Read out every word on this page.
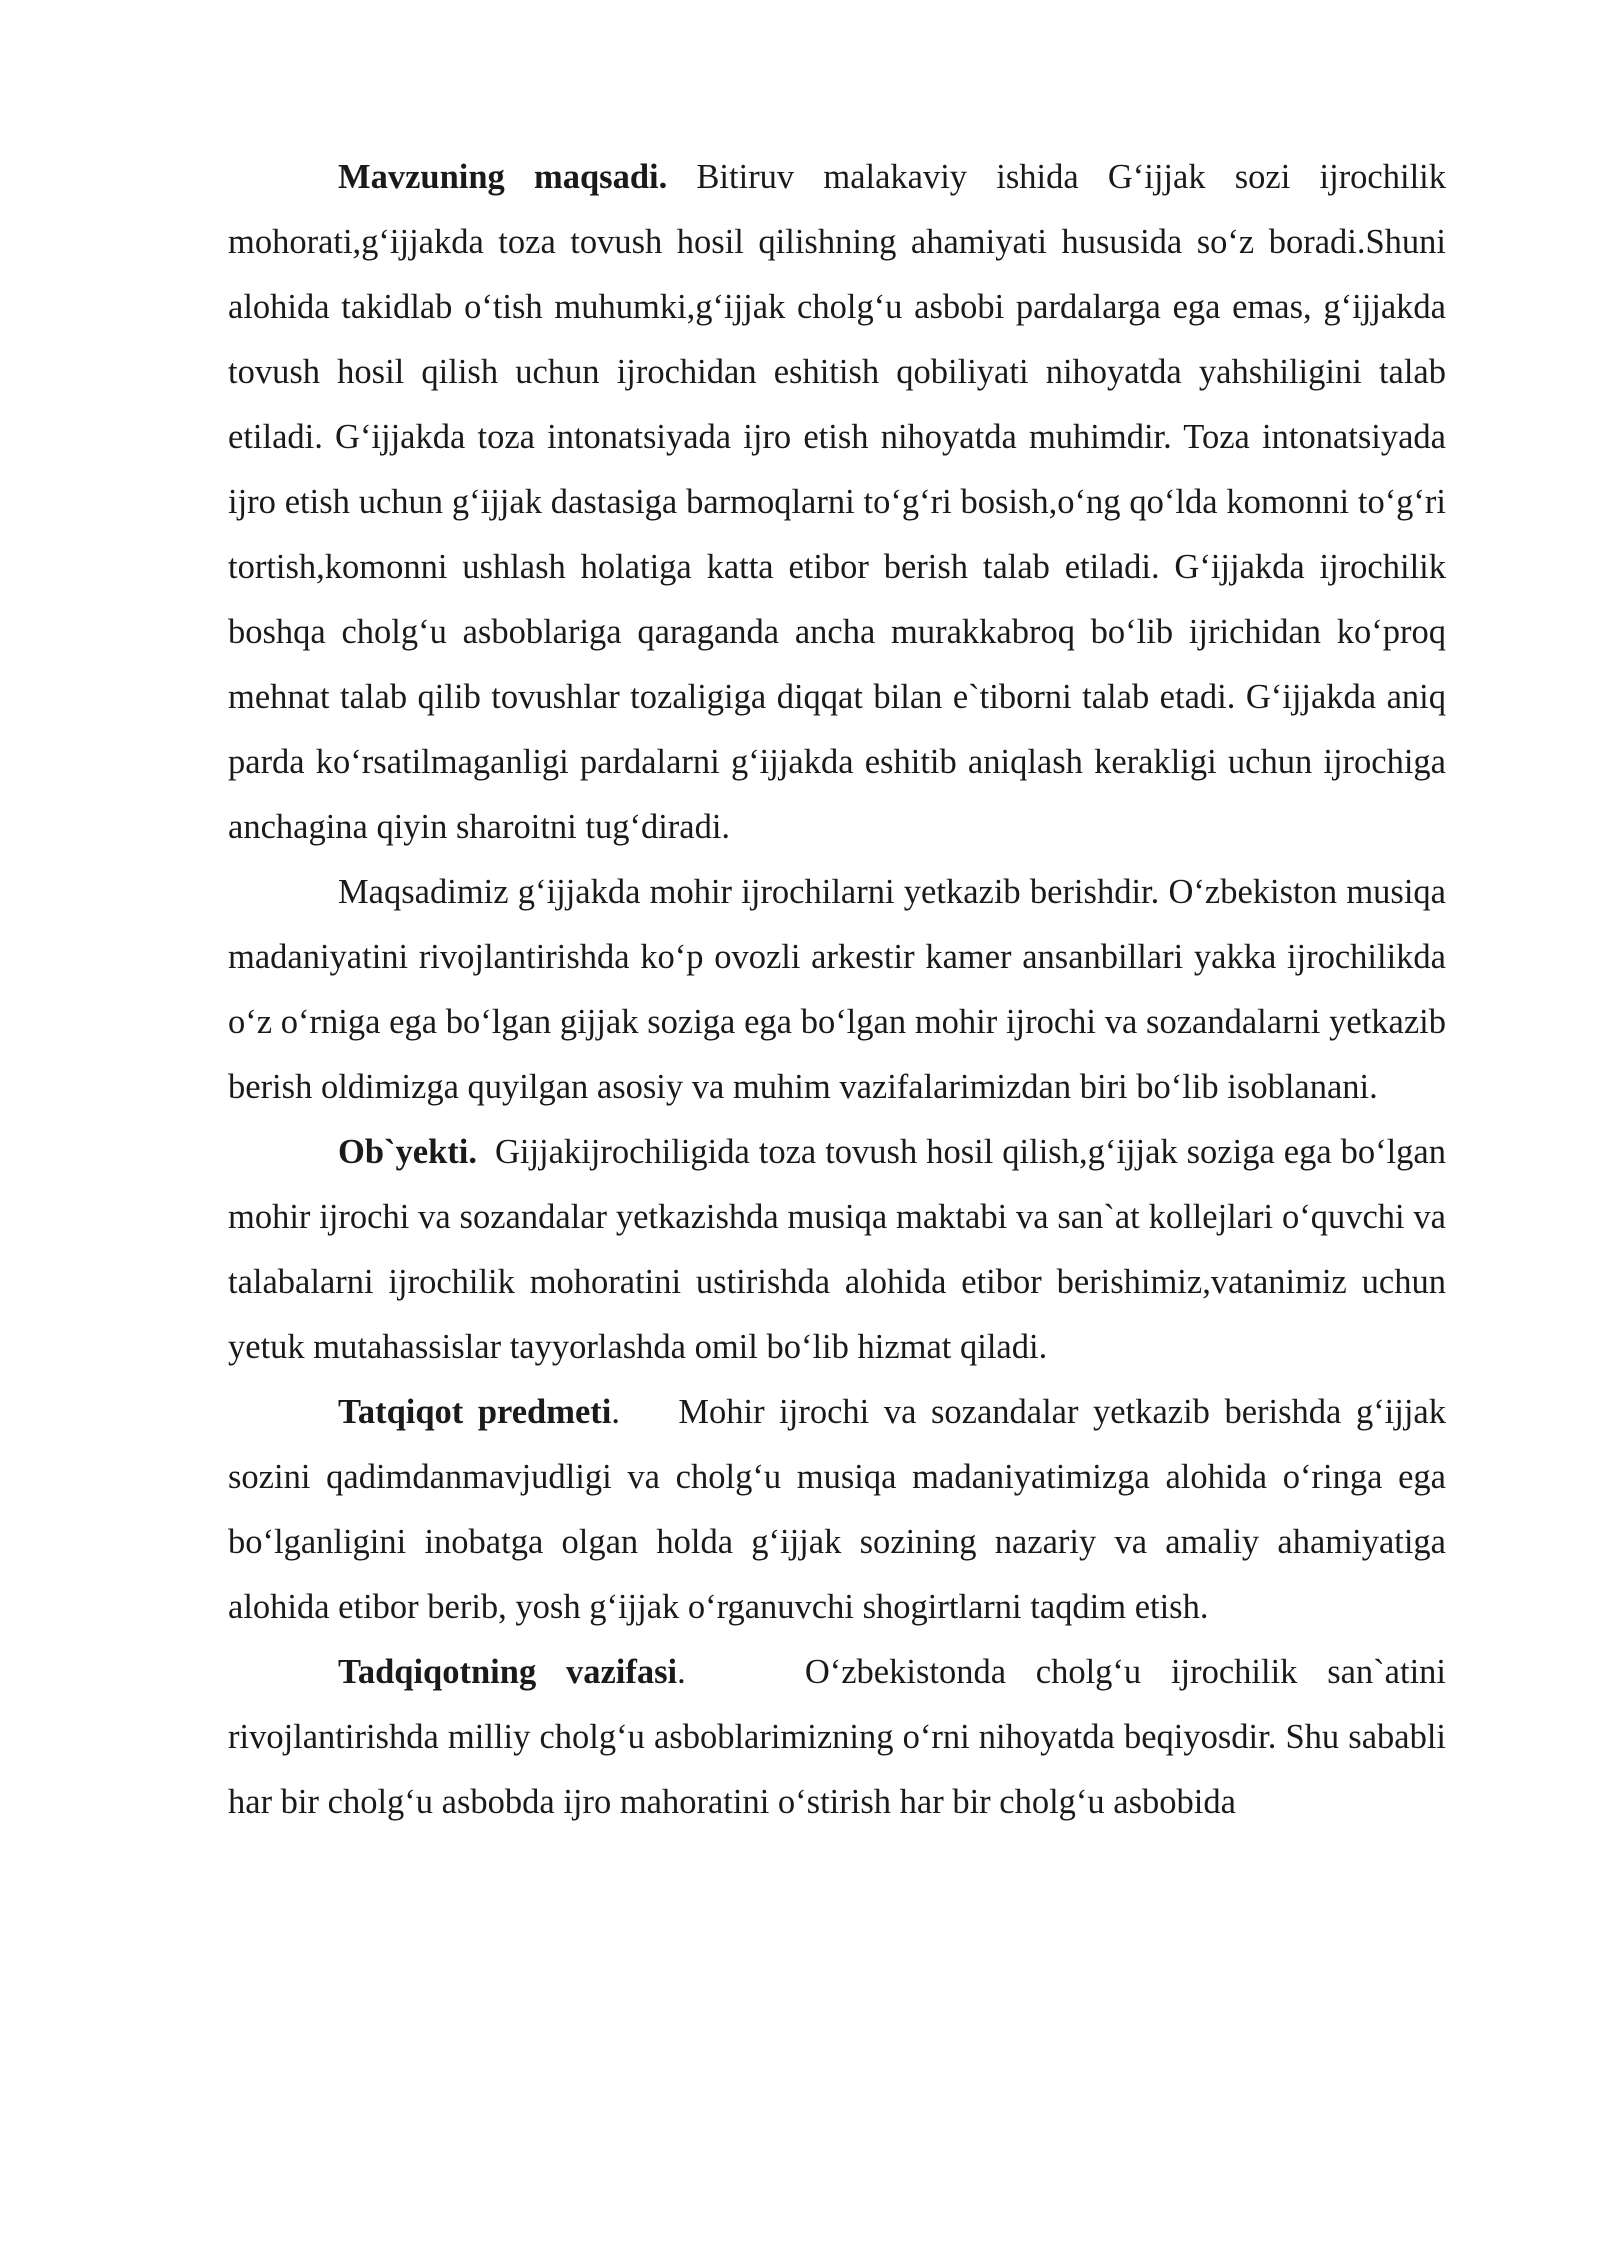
Mavzuning maqsadi. Bitiruv malakaviy ishida G‘ijjak sozi ijrochilik mohorati,g‘ijjakda toza tovush hosil qilishning ahamiyati hususida so‘z boradi.Shuni alohida takidlab o‘tish muhumki,g‘ijjak cholg‘u asbobi pardalarga ega emas, g‘ijjakda tovush hosil qilish uchun ijrochidan eshitish qobiliyati nihoyatda yahshiligini talab etiladi. G‘ijjakda toza intonatsiyada ijro etish nihoyatda muhimdir. Toza intonatsiyada ijro etish uchun g‘ijjak dastasiga barmoqlarni to‘g‘ri bosish,o‘ng qo‘lda komonni to‘g‘ri tortish,komonni ushlash holatiga katta etibor berish talab etiladi. G‘ijjakda ijrochilik boshqa cholg‘u asboblariga qaraganda ancha murakkabroq bo‘lib ijrichidan ko‘proq mehnat talab qilib tovushlar tozaligiga diqqat bilan e`tiborni talab etadi. G‘ijjakda aniq parda ko‘rsatilmaganligi pardalarni g‘ijjakda eshitib aniqlash kerakligi uchun ijrochiga anchagina qiyin sharoitni tug‘diradi.

Maqsadimiz g‘ijjakda mohir ijrochilarni yetkazib berishdir. O‘zbekiston musiqa madaniyatini rivojlantirishda ko‘p ovozli arkestir kamer ansanbillari yakka ijrochilikda o‘z o‘rniga ega bo‘lgan gijjak soziga ega bo‘lgan mohir ijrochi va sozandalarni yetkazib berish oldimizga quyilgan asosiy va muhim vazifalarimizdan biri bo‘lib isoblanani.

Ob`yekti. Gijjakijrochiligida toza tovush hosil qilish,g‘ijjak soziga ega bo‘lgan mohir ijrochi va sozandalar yetkazishda musiqa maktabi va san`at kollejlari o‘quvchi va talabalarni ijrochilik mohoratini ustirishda alohida etibor berishimiz,vatanimiz uchun yetuk mutahassislar tayyorlashda omil bo‘lib hizmat qiladi.

Tatqiqot predmeti.    Mohir ijrochi va sozandalar yetkazib berishda g‘ijjak sozini qadimdanmavjudligi va cholg‘u musiqa madaniyatimizga alohida o‘ringa ega bo‘lganligini inobatga olgan holda g‘ijjak sozining nazariy va amaliy ahamiyatiga alohida etibor berib, yosh g‘ijjak o‘rganuvchi shogirtlarni taqdim etish.

Tadqiqotning vazifasi.    O‘zbekistonda cholg‘u ijrochilik san`atini rivojlantirishda milliy cholg‘u asboblarimizning o‘rni nihoyatda beqiyosdir. Shu sababli har bir cholg‘u asbobda ijro mahoratini o‘stirish har bir cholg‘u asbobida
